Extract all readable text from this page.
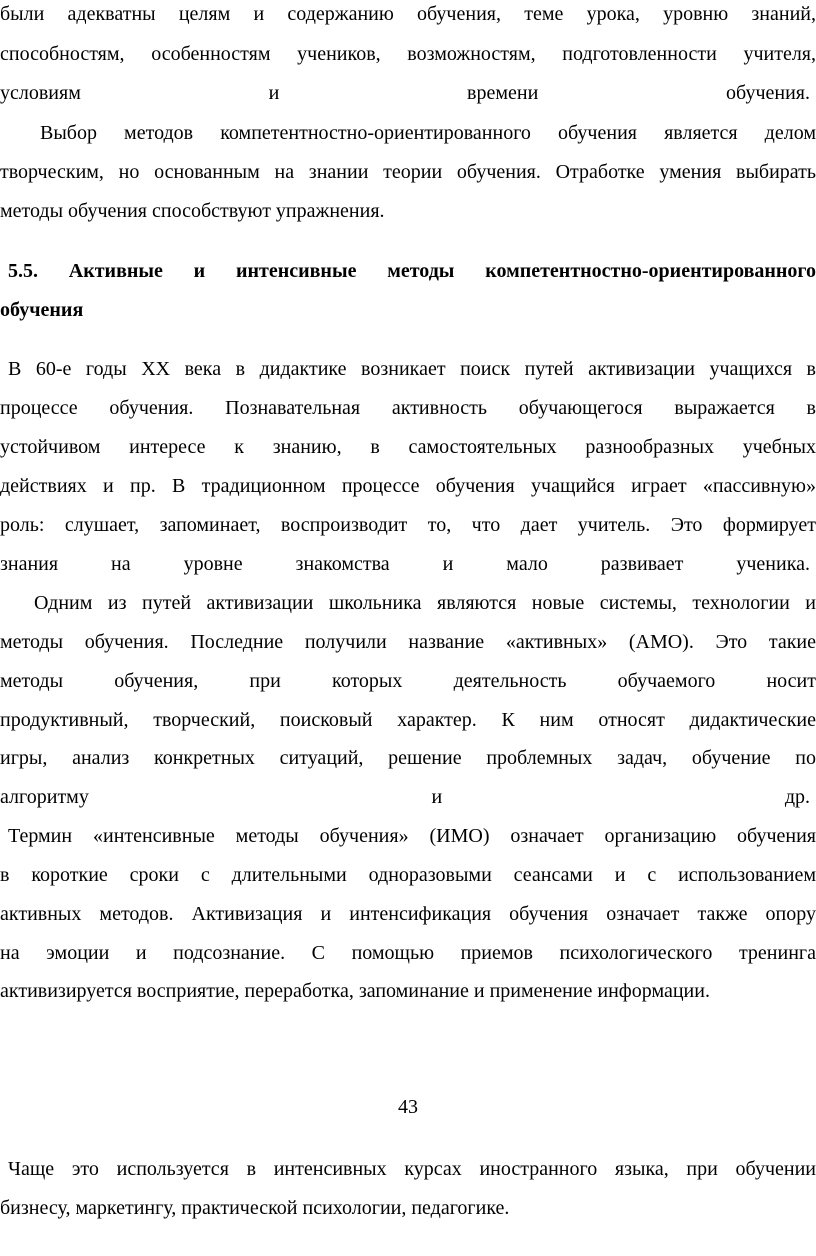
были адекватны целям и содержанию обучения, теме урока, уровню знаний,
способностям, особенностям учеников, возможностям, подготовленности учителя,
условиям и времени обучения.
Выбор методов компетентностно-ориентированного обучения является делом
творческим, но основанным на знании теории обучения. Отработке умения выбирать
методы обучения способствуют упражнения.
5.5. Активные и интенсивные методы компетентностно-ориентированного
обучения
В 60-е годы XX века в дидактике возникает поиск путей активизации учащихся в
процессе обучения. Познавательная активность обучающегося выражается в
устойчивом интересе к знанию, в самостоятельных разнообразных учебных
действиях и пр. В традиционном процессе обучения учащийся играет «пассивную»
роль: слушает, запоминает, воспроизводит то, что дает учитель. Это формирует
знания на уровне знакомства и мало развивает ученика.
Одним из путей активизации школьника являются новые системы, технологии и
методы обучения. Последние получили название «активных» (АМО). Это такие
методы обучения, при которых деятельность обучаемого носит
продуктивный, творческий, поисковый характер. К ним относят дидактические
игры, анализ конкретных ситуаций, решение проблемных задач, обучение по
алгоритму и др.
Термин «интенсивные методы обучения» (ИМО) означает организацию обучения
в короткие сроки с длительными одноразовыми сеансами и с использованием
активных методов. Активизация и интенсификация обучения означает также опору
на эмоции и подсознание. С помощью приемов психологического тренинга
активизируется восприятие, переработка, запоминание и применение информации.
43
Чаще это используется в интенсивных курсах иностранного языка, при обучении
бизнесу, маркетингу, практической психологии, педагогике.
